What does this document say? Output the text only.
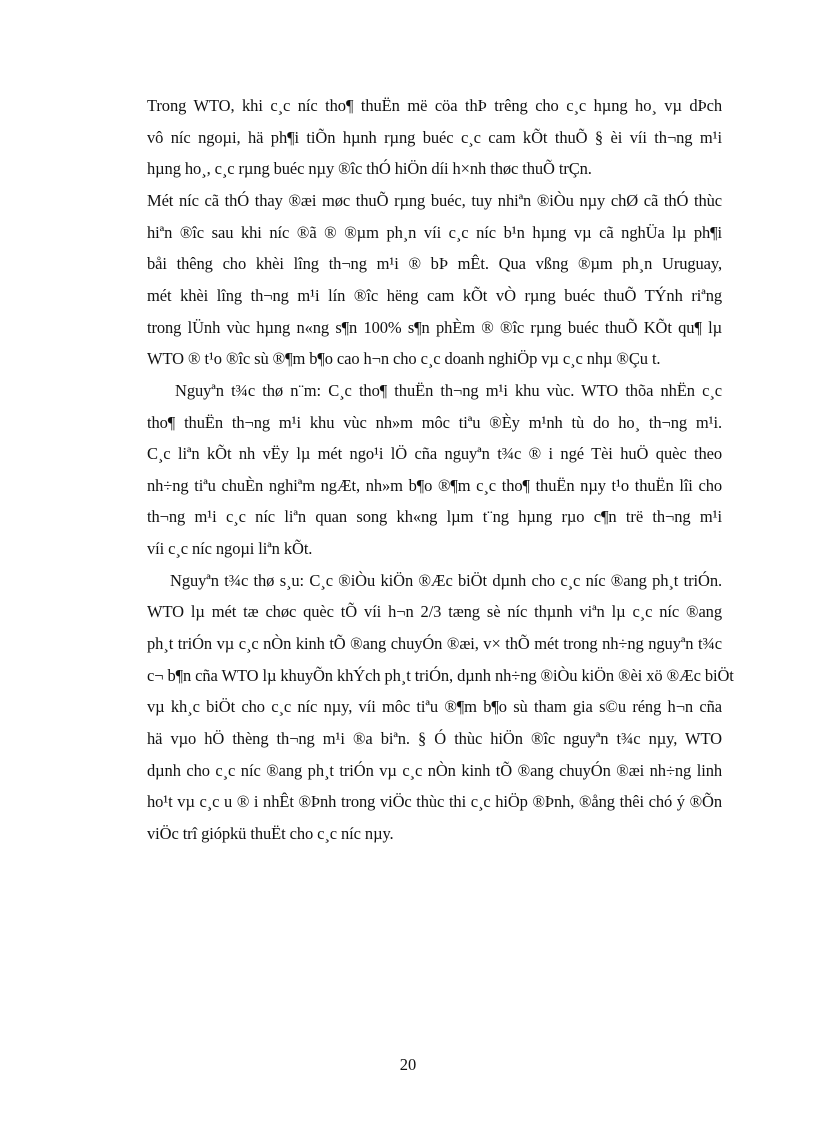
Trong WTO, khi c¸c níc tho¶ thuËn më cöa thÞ trêng cho c¸c hµng ho¸ vµ dÞch
vô níc ngoµi, hä ph¶i tiÕn hµnh rµng buéc c¸c cam kÕt thuÕ § èi víi th¬ng m¹i
hµng ho¸, c¸c rµng buéc nµy ®îc thÓ hiÖn díi h×nh thøc thuÕ trÇn.
Mét níc cã thÓ thay ®æi møc thuÕ rµng buéc, tuy nhiªn ®iÒu nµy chØ cã thÓ thùc
hiªn ®îc sau khi níc ®ã ® ®µm ph¸n víi c¸c níc b¹n hµng vµ cã nghÜa lµ ph¶i
båi thêng cho khèi lîng th¬ng m¹i ® bÞ mÊt. Qua vßng ®µm ph¸n Uruguay,
mét khèi lîng th¬ng m¹i lín ®îc hëng cam kÕt vÒ rµng buéc thuÕ TÝnh riªng
trong lÜnh vùc hµng n«ng s¶n 100% s¶n phÈm ® ®îc rµng buéc thuÕ KÕt qu¶ lµ
WTO ® t¹o ®îc sù ®¶m b¶o cao h¬n cho c¸c doanh nghiÖp vµ c¸c nhµ ®Çu t.
Nguyªn t¾c thø n¨m: C¸c tho¶ thuËn th¬ng m¹i khu vùc. WTO thõa nhËn c¸c
tho¶ thuËn th¬ng m¹i khu vùc nh»m môc tiªu ®Èy m¹nh tù do ho¸ th¬ng m¹i.
C¸c liªn kÕt nh vËy lµ mét ngo¹i lÖ cña nguyªn t¾c ® i ngé Tèi huÖ quèc theo
nh÷ng tiªu chuÈn nghiªm ngÆt, nh»m b¶o ®¶m c¸c tho¶ thuËn nµy t¹o thuËn lîi cho
th¬ng m¹i c¸c níc liªn quan song kh«ng lµm t¨ng hµng rµo c¶n trë th¬ng m¹i
víi c¸c níc ngoµi liªn kÕt.
Nguyªn t¾c thø s¸u: C¸c ®iÒu kiÖn ®Æc biÖt dµnh cho c¸c níc ®ang ph¸t triÓn.
WTO lµ mét tæ chøc quèc tÕ víi h¬n 2/3 tæng sè níc thµnh viªn lµ c¸c níc ®ang
ph¸t triÓn vµ c¸c nÒn kinh tÕ ®ang chuyÓn ®æi, v× thÕ mét trong nh÷ng nguyªn t¾c
c¬ b¶n cña WTO lµ khuyÕn khÝch ph¸t triÓn, dµnh nh÷ng ®iÒu kiÖn ®èi xö ®Æc biÖt
vµ kh¸c biÖt cho c¸c níc nµy, víi môc tiªu ®¶m b¶o sù tham gia s©u réng h¬n cña
hä vµo hÖ thèng th¬ng m¹i ®a biªn. § Ó thùc hiÖn ®îc nguyªn t¾c nµy, WTO
dµnh cho c¸c níc ®ang ph¸t triÓn vµ c¸c nÒn kinh tÕ ®ang chuyÓn ®æi nh÷ng linh
ho¹t vµ c¸c u ® i nhÊt ®Þnh trong viÖc thùc thi c¸c hiÖp ®Þnh, ®ång thêi chó ý ®Õn
viÖc trî giópkü thuËt cho c¸c níc nµy.
20
